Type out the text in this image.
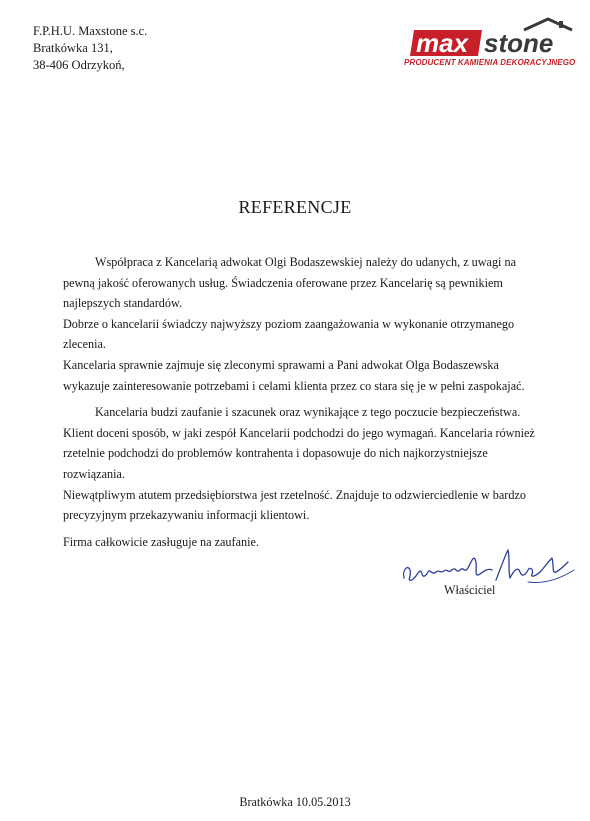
F.P.H.U. Maxstone s.c.
Bratkówka 131,
38-406 Odrzykoń,
max stone
PRODUCENT KAMIENIA DEKORACYJNEGO
REFERENCJE

Współpraca z Kancelarią adwokat Olgi Bodaszewskiej należy do udanych, z uwagi na pewną jakość oferowanych usług. Świadczenia oferowane przez Kancelarię są pewnikiem najlepszych standardów.

Dobrze o kancelarii świadczy najwyższy poziom zaangażowania w wykonanie otrzymanego zlecenia.

Kancelaria sprawnie zajmuje się zleconymi sprawami a Pani adwokat Olga Bodaszewska wykazuje zainteresowanie potrzebami i celami klienta przez co stara się je w pełni zaspokajać.

Kancelaria budzi zaufanie i szacunek oraz wynikające z tego poczucie bezpieczeństwa.

Klient doceni sposób, w jaki zespół Kancelarii podchodzi do jego wymagań. Kancelaria również rzetelnie podchodzi do problemów kontrahenta i dopasowuje do nich najkorzystniejsze rozwiązania.

Niewątpliwym atutem przedsiębiorstwa jest rzetelność. Znajduje to odzwierciedlenie w bardzo precyzyjnym przekazywaniu informacji klientowi.

Firma całkowicie zasługuje na zaufanie.

Właściciel
Bratkówka 10.05.2013
